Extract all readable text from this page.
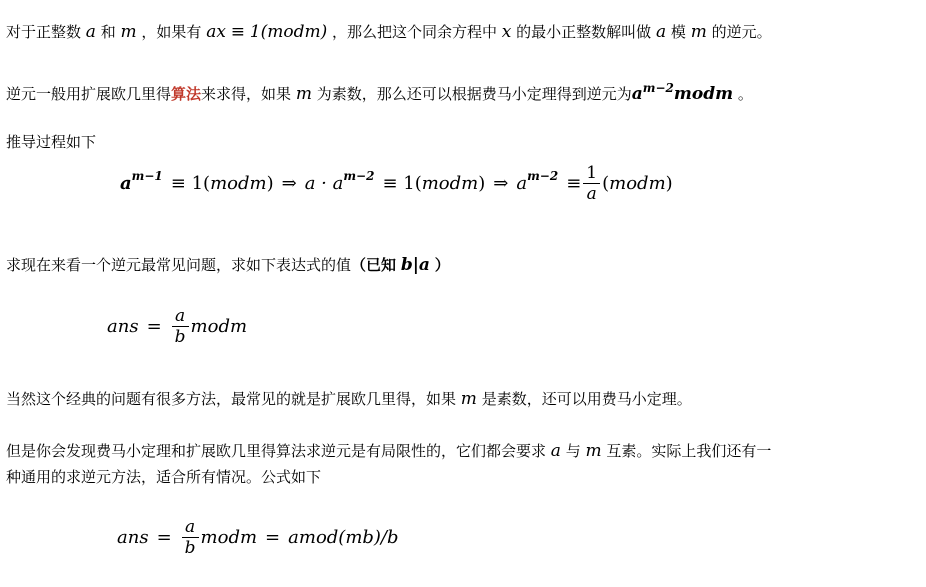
对于正整数 a 和 m ，如果有 ax ≡ 1(modm) ，那么把这个同余方程中 x 的最小正整数解叫做 a 模 m 的逆元。
逆元一般用扩展欧几里得算法来求得，如果 m 为素数，那么还可以根据费马小定理得到逆元为$a^{m-2}modm$ 。
推导过程如下
a m−1 ≡ 1( modm ) ⇒ a · a m−2 ≡ 1( modm ) ⇒ a $m-2 \equiv \frac{1}{a}$ ( modm )
求现在来看一个逆元最常见问题，求如下表达式的值（已知 b|a ）
ans = $\frac{a}{b}$ modm
当然这个经典的问题有很多方法，最常见的就是扩展欧几里得，如果 m 是素数，还可以用费马小定理。
但是你会发现费马小定理和扩展欧几里得算法求逆元是有局限性的，它们都会要求 a 与 m 互素。实际上我们还有一
种通用的求逆元方法，适合所有情况。公式如下
ans = $\frac{a}{b}$ modm = amod(mb)/b
